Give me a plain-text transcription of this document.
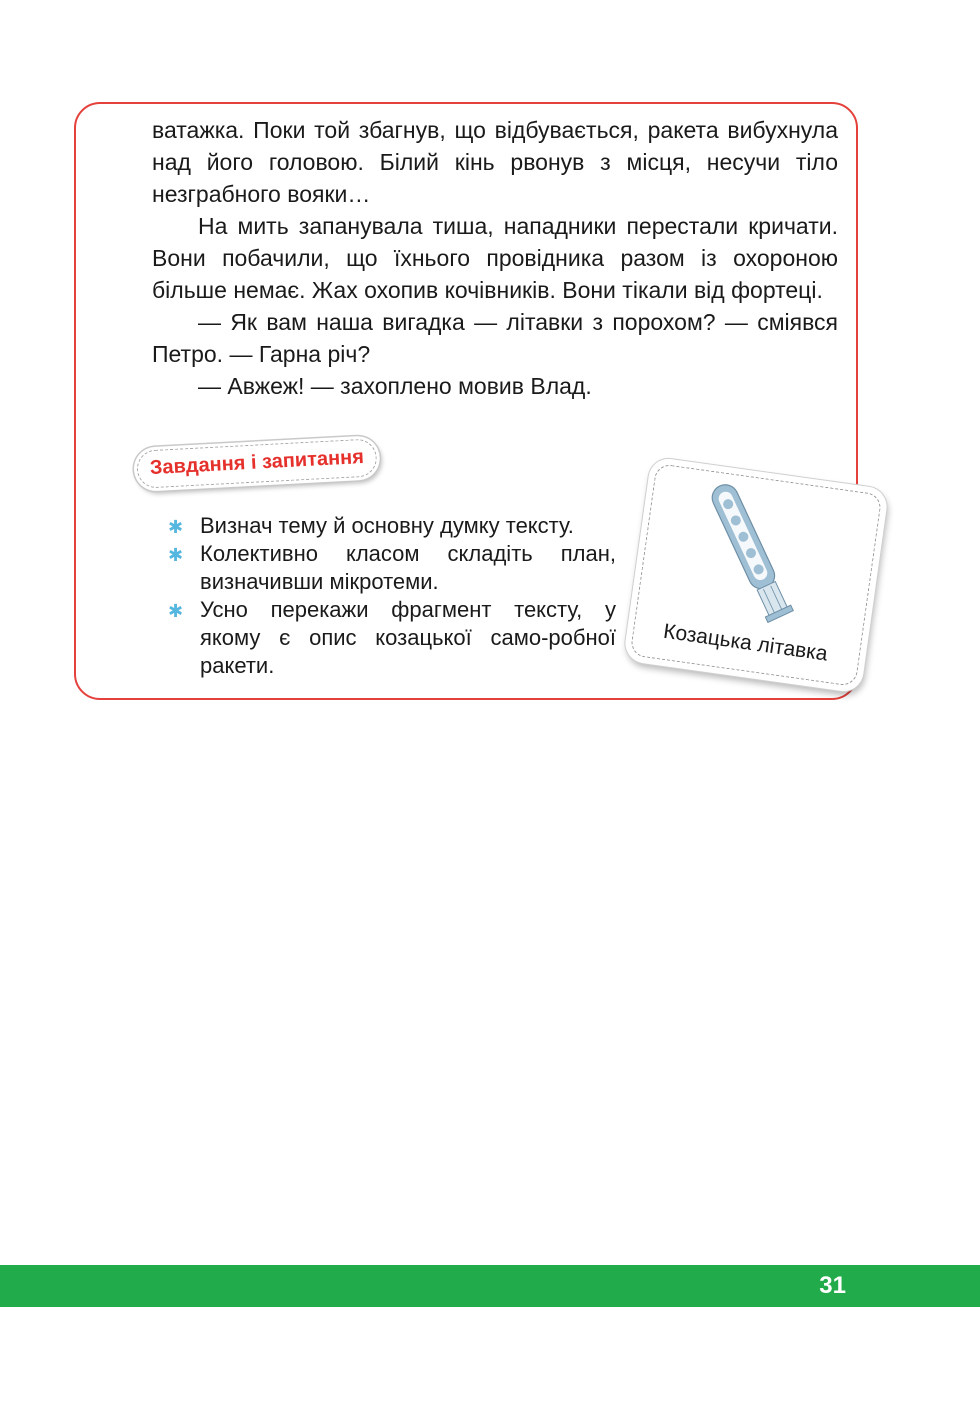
ватажка. Поки той збагнув, що відбувається, ракета вибухнула над його головою. Білий кінь рвонув з місця, несучи тіло незграбного вояки…

На мить запанувала тиша, нападники перестали кричати. Вони побачили, що їхнього провідника разом із охороною більше немає. Жах охопив кочівників. Вони тікали від фортеці.

— Як вам наша вигадка — літавки з порохом? — сміявся Петро. — Гарна річ?

— Авжеж! — захоплено мовив Влад.

Завдання і запитання
✱ Визнач тему й основну думку тексту.
✱ Колективно класом складіть план, визначивши мікротеми.
✱ Усно перекажи фрагмент тексту, у якому є опис козацької само-робної ракети.	Козацька літавка
31
